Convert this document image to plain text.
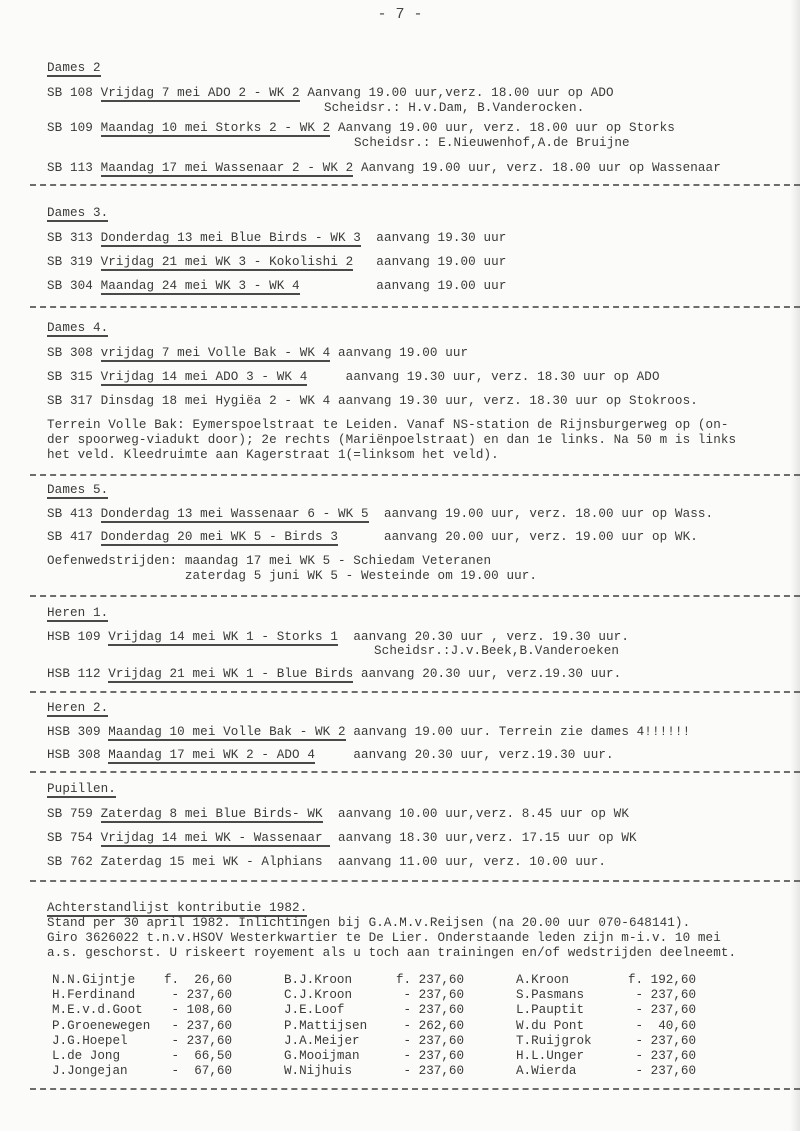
- 7 -
Dames 2
SB 108 Vrijdag 7 mei ADO 2 - WK 2 Aanvang 19.00 uur,verz. 18.00 uur op ADO
Scheidsr.: H.v.Dam, B.Vanderocken.
SB 109 Maandag 10 mei Storks 2 - WK 2 Aanvang 19.00 uur, verz. 18.00 uur op Storks
Scheidsr.: E.Nieuwenhof,A.de Bruijne
SB 113 Maandag 17 mei Wassenaar 2 - WK 2 Aanvang 19.00 uur, verz. 18.00 uur op Wassenaar
Dames 3.
SB 313 Donderdag 13 mei Blue Birds - WK 3  aanvang 19.30 uur
SB 319 Vrijdag 21 mei WK 3 - Kokolishi 2   aanvang 19.00 uur
SB 304 Maandag 24 mei WK 3 - WK 4          aanvang 19.00 uur
Dames 4.
SB 308 vrijdag 7 mei Volle Bak - WK 4 aanvang 19.00 uur
SB 315 Vrijdag 14 mei ADO 3 - WK 4     aanvang 19.30 uur, verz. 18.30 uur op ADO
SB 317 Dinsdag 18 mei Hygiëa 2 - WK 4 aanvang 19.30 uur, verz. 18.30 uur op Stokroos.
Terrein Volle Bak: Eymerspoelstraat te Leiden. Vanaf NS-station de Rijnsburgerweg op (on-
der spoorweg-viadukt door); 2e rechts (Mariënpoelstraat) en dan 1e links. Na 50 m is links
het veld. Kleedruimte aan Kagerstraat 1(=linksom het veld).
Dames 5.
SB 413 Donderdag 13 mei Wassenaar 6 - WK 5  aanvang 19.00 uur, verz. 18.00 uur op Wass.
SB 417 Donderdag 20 mei WK 5 - Birds 3      aanvang 20.00 uur, verz. 19.00 uur op WK.
Oefenwedstrijden: maandag 17 mei WK 5 - Schiedam Veteranen
zaterdag 5 juni WK 5 - Westeinde om 19.00 uur.
Heren 1.
HSB 109 Vrijdag 14 mei WK 1 - Storks 1  aanvang 20.30 uur , verz. 19.30 uur.
Scheidsr.:J.v.Beek,B.Vanderoeken
HSB 112 Vrijdag 21 mei WK 1 - Blue Birds aanvang 20.30 uur, verz.19.30 uur.
Heren 2.
HSB 309 Maandag 10 mei Volle Bak - WK 2 aanvang 19.00 uur. Terrein zie dames 4!!!!!!
HSB 308 Maandag 17 mei WK 2 - ADO 4     aanvang 20.30 uur, verz.19.30 uur.
Pupillen.
SB 759 Zaterdag 8 mei Blue Birds- WK  aanvang 10.00 uur,verz. 8.45 uur op WK
SB 754 Vrijdag 14 mei WK - Wassenaar  aanvang 18.30 uur,verz. 17.15 uur op WK
SB 762 Zaterdag 15 mei WK - Alphians  aanvang 11.00 uur, verz. 10.00 uur.
Achterstandlijst kontributie 1982.
Stand per 30 april 1982. Inlichtingen bij G.A.M.v.Reijsen (na 20.00 uur 070-648141).
Giro 3626022 t.n.v.HSOV Westerkwartier te De Lier. Onderstaande leden zijn m-i.v. 10 mei
a.s. geschorst. U riskeert royement als u toch aan trainingen en/of wedstrijden deelneemt.
N.N.Gijntje	f.  26,60	B.J.Kroon	f. 237,60	A.Kroon	f. 192,60
H.Ferdinand	- 237,60	C.J.Kroon	- 237,60	S.Pasmans	- 237,60
M.E.v.d.Goot	- 108,60	J.E.Loof	- 237,60	L.Pauptit	- 237,60
P.Groenewegen	- 237,60	P.Mattijsen	- 262,60	W.du Pont	-  40,60
J.G.Hoepel	- 237,60	J.A.Meijer	- 237,60	T.Ruijgrok	- 237,60
L.de Jong	-  66,50	G.Mooijman	- 237,60	H.L.Unger	- 237,60
J.Jongejan	-  67,60	W.Nijhuis	- 237,60	A.Wierda	- 237,60
